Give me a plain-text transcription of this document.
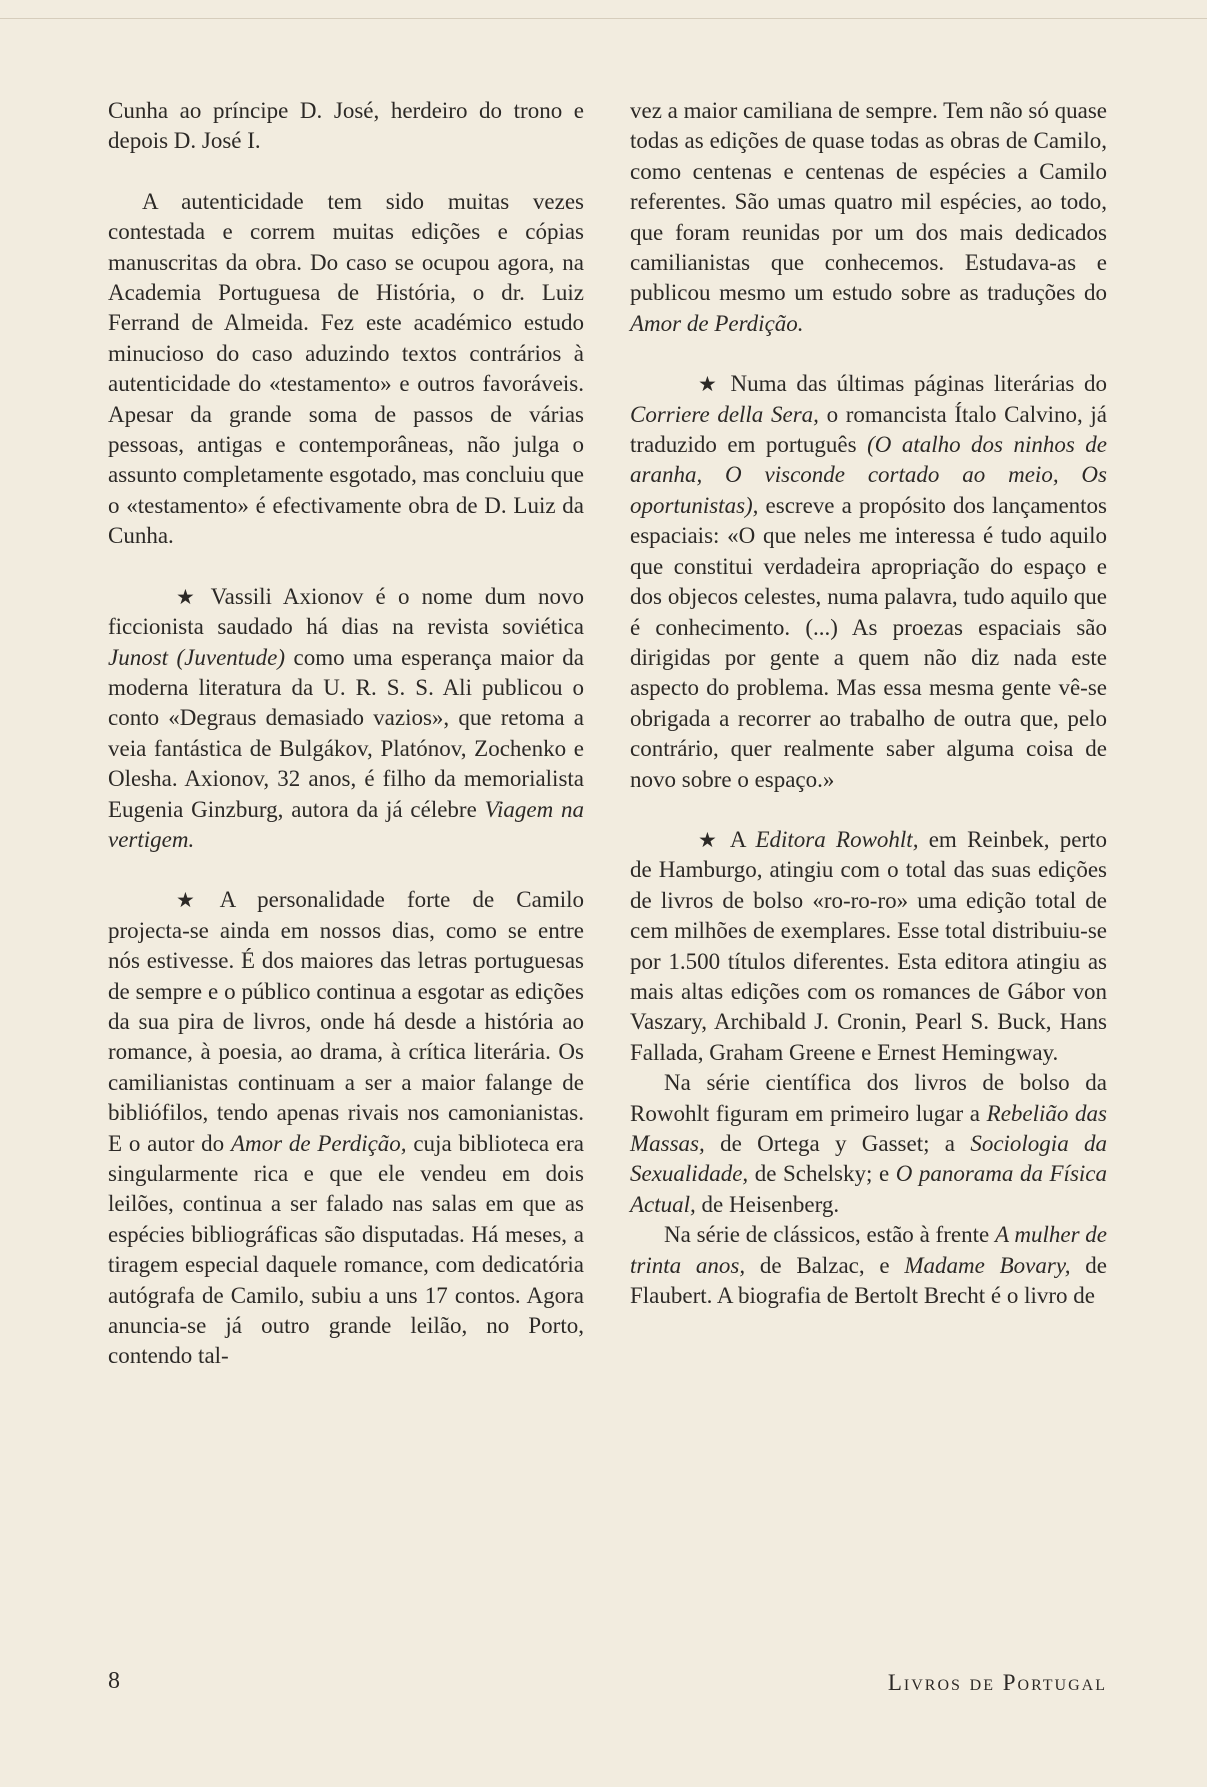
Cunha ao príncipe D. José, herdeiro do trono e depois D. José I.

A autenticidade tem sido muitas vezes contestada e correm muitas edições e cópias manuscritas da obra. Do caso se ocupou agora, na Academia Portuguesa de História, o dr. Luiz Ferrand de Almeida. Fez este académico estudo minucioso do caso aduzindo textos contrários à autenticidade do «testamento» e outros favoráveis. Apesar da grande soma de passos de várias pessoas, antigas e contemporâneas, não julga o assunto completamente esgotado, mas concluiu que o «testamento» é efectivamente obra de D. Luiz da Cunha.

★ Vassili Axionov é o nome dum novo ficcionista saudado há dias na revista soviética Junost (Juventude) como uma esperança maior da moderna literatura da U. R. S. S. Ali publicou o conto «Degraus demasiado vazios», que retoma a veia fantástica de Bulgákov, Platónov, Zochenko e Olesha. Axionov, 32 anos, é filho da memorialista Eugenia Ginzburg, autora da já célebre Viagem na vertigem.

★ A personalidade forte de Camilo projecta-se ainda em nossos dias, como se entre nós estivesse. É dos maiores das letras portuguesas de sempre e o público continua a esgotar as edições da sua pira de livros, onde há desde a história ao romance, à poesia, ao drama, à crítica literária. Os camilianistas continuam a ser a maior falange de bibliófilos, tendo apenas rivais nos camonianistas. E o autor do Amor de Perdição, cuja biblioteca era singularmente rica e que ele vendeu em dois leilões, continua a ser falado nas salas em que as espécies bibliográficas são disputadas. Há meses, a tiragem especial daquele romance, com dedicatória autógrafa de Camilo, subiu a uns 17 contos. Agora anuncia-se já outro grande leilão, no Porto, contendo tal-

vez a maior camiliana de sempre. Tem não só quase todas as edições de quase todas as obras de Camilo, como centenas e centenas de espécies a Camilo referentes. São umas quatro mil espécies, ao todo, que foram reunidas por um dos mais dedicados camilianistas que conhecemos. Estudava-as e publicou mesmo um estudo sobre as traduções do Amor de Perdição.

★ Numa das últimas páginas literárias do Corriere della Sera, o romancista Ítalo Calvino, já traduzido em português (O atalho dos ninhos de aranha, O visconde cortado ao meio, Os oportunistas), escreve a propósito dos lançamentos espaciais: «O que neles me interessa é tudo aquilo que constitui verdadeira apropriação do espaço e dos objecos celestes, numa palavra, tudo aquilo que é conhecimento. (...) As proezas espaciais são dirigidas por gente a quem não diz nada este aspecto do problema. Mas essa mesma gente vê-se obrigada a recorrer ao trabalho de outra que, pelo contrário, quer realmente saber alguma coisa de novo sobre o espaço.»

★ A Editora Rowohlt, em Reinbek, perto de Hamburgo, atingiu com o total das suas edições de livros de bolso «ro-ro-ro» uma edição total de cem milhões de exemplares. Esse total distribuiu-se por 1.500 títulos diferentes. Esta editora atingiu as mais altas edições com os romances de Gábor von Vaszary, Archibald J. Cronin, Pearl S. Buck, Hans Fallada, Graham Greene e Ernest Hemingway.

Na série científica dos livros de bolso da Rowohlt figuram em primeiro lugar a Rebelião das Massas, de Ortega y Gasset; a Sociologia da Sexualidade, de Schelsky; e O panorama da Física Actual, de Heisenberg.

Na série de clássicos, estão à frente A mulher de trinta anos, de Balzac, e Madame Bovary, de Flaubert. A biografia de Bertolt Brecht é o livro de

8	Livros de Portugal
